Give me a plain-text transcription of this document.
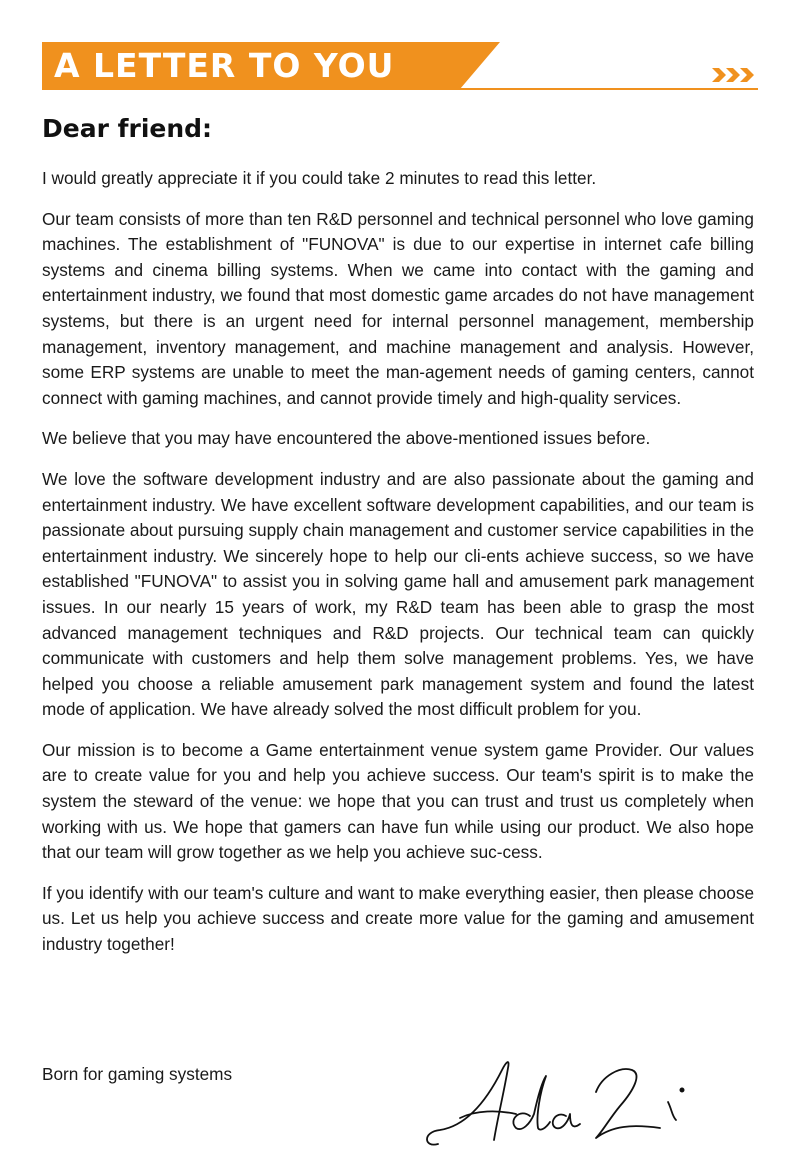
A LETTER TO YOU
Dear friend:

I would greatly appreciate it if you could take 2 minutes to read this letter.

Our team consists of more than ten R&D personnel and technical personnel who love gaming machines. The establishment of "FUNOVA" is due to our expertise in internet cafe billing systems and cinema billing systems. When we came into contact with the gaming and entertainment industry, we found that most domestic game arcades do not have management systems, but there is an urgent need for internal personnel management, membership management, inventory management, and machine management and analysis. However, some ERP systems are unable to meet the man-agement needs of gaming centers, cannot connect with gaming machines, and cannot provide timely and high-quality services.

We believe that you may have encountered the above-mentioned issues before.

We love the software development industry and are also passionate about the gaming and entertainment industry. We have excellent software development capabilities, and our team is passionate about pursuing supply chain management and customer service capabilities in the entertainment industry. We sincerely hope to help our cli-ents achieve success, so we have established "FUNOVA" to assist you in solving game hall and amusement park management issues. In our nearly 15 years of work, my R&D team has been able to grasp the most advanced management techniques and R&D projects. Our technical team can quickly communicate with customers and help them solve management problems. Yes, we have helped you choose a reliable amusement park management system and found the latest mode of application. We have already solved the most difficult problem for you.

Our mission is to become a Game entertainment venue system game Provider. Our values are to create value for you and help you achieve success. Our team's spirit is to make the system the steward of the venue: we hope that you can trust and trust us completely when working with us. We hope that gamers can have fun while using our product. We also hope that our team will grow together as we help you achieve suc-cess.

If you identify with our team's culture and want to make everything easier, then please choose us. Let us help you achieve success and create more value for the gaming and amusement industry together!

Born for gaming systems
